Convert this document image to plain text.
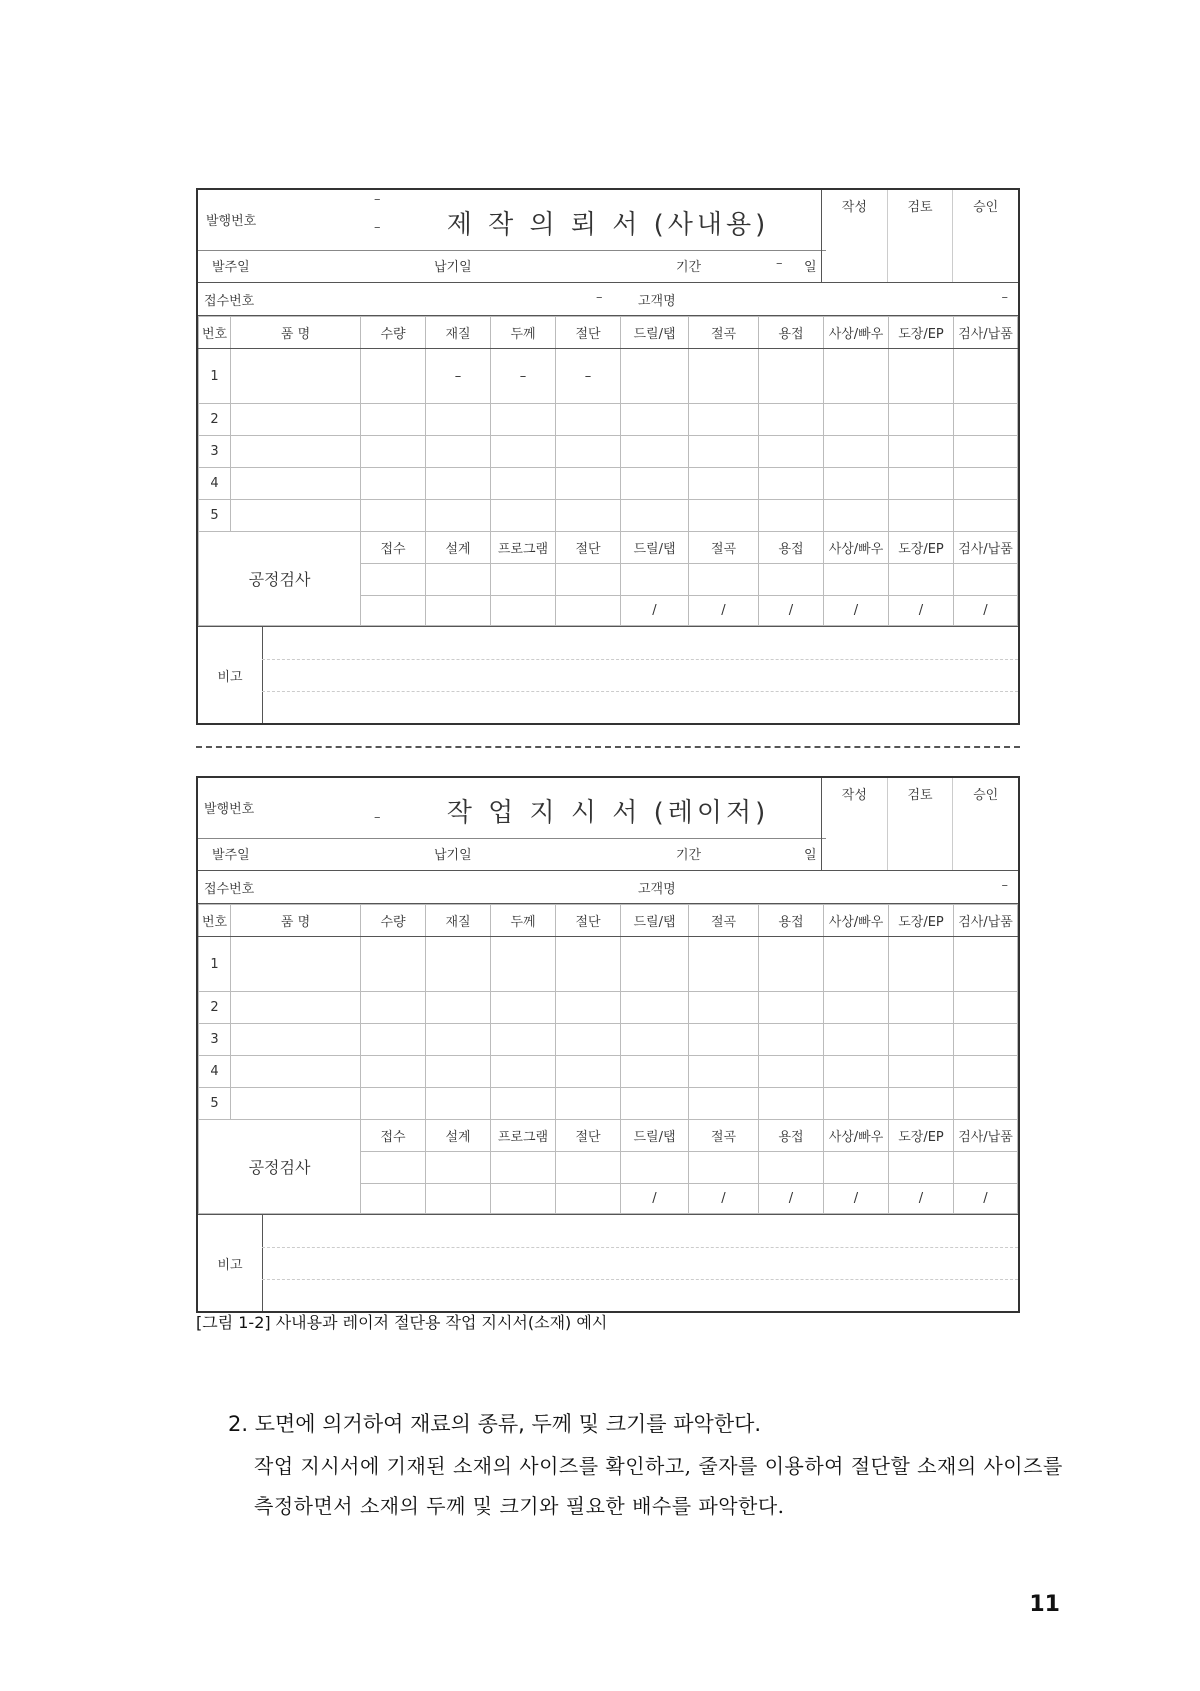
발행번호
–
–	제 작 의 뢰 서 (사내용)
발주일	납기일	기간	– 일
작성	검토	승인
접수번호	–	고객명	–
번호	품 명	수량	재질	두께	절단	드릴/탭	절곡	용접	사상/빠우	도장/EP	검사/납품
1			–	–	–						
2											
3											
4											
5											
공정검사		접수	설계	프로그램	절단	드릴/탭	절곡	용접	사상/빠우	도장/EP	검사/납품

						/	/	/	/	/	/
비고
발행번호
–	작 업 지 시 서 (레이저)
발주일	납기일	기간	일
작성	검토	승인
접수번호	고객명	–
번호	품 명	수량	재질	두께	절단	드릴/탭	절곡	용접	사상/빠우	도장/EP	검사/납품
1											
2											
3											
4											
5											
공정검사		접수	설계	프로그램	절단	드릴/탭	절곡	용접	사상/빠우	도장/EP	검사/납품

						/	/	/	/	/	/
비고
[그림 1-2] 사내용과 레이저 절단용 작업 지시서(소재) 예시
2. 도면에 의거하여 재료의 종류, 두께 및 크기를 파악한다.
작업 지시서에 기재된 소재의 사이즈를 확인하고, 줄자를 이용하여 절단할 소재의 사이즈를
측정하면서 소재의 두께 및 크기와 필요한 배수를 파악한다.
11
